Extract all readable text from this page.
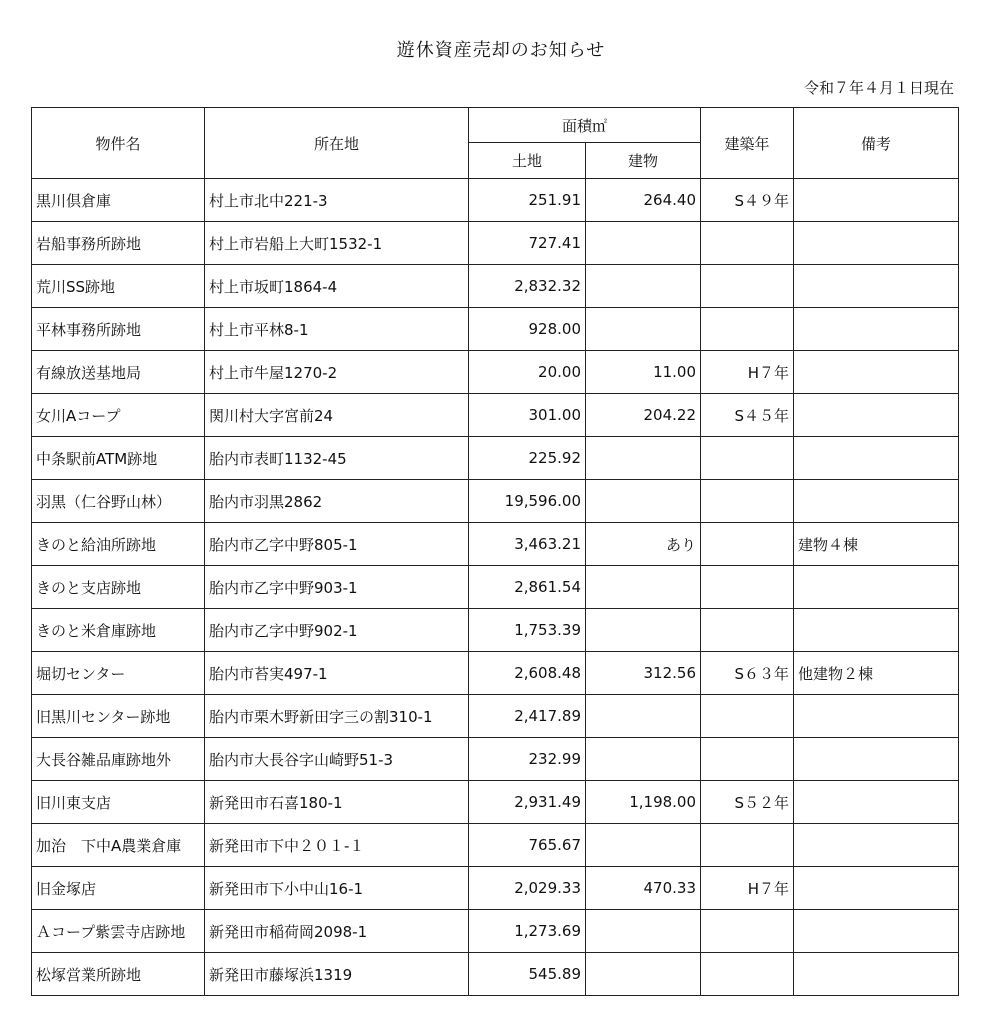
遊休資産売却のお知らせ
令和７年４月１日現在
物件名	所在地	面積㎡		建築年	備考
		土地	建物		
黒川倶倉庫	村上市北中221-3	251.91	264.40	S４９年	
岩船事務所跡地	村上市岩船上大町1532-1	727.41			
荒川SS跡地	村上市坂町1864-4	2,832.32			
平林事務所跡地	村上市平林8-1	928.00			
有線放送基地局	村上市牛屋1270-2	20.00	11.00	H７年	
女川Aコープ	関川村大字宮前24	301.00	204.22	S４５年	
中条駅前ATM跡地	胎内市表町1132-45	225.92			
羽黒（仁谷野山林）	胎内市羽黒2862	19,596.00			
きのと給油所跡地	胎内市乙字中野805-1	3,463.21	あり		建物４棟
きのと支店跡地	胎内市乙字中野903-1	2,861.54			
きのと米倉庫跡地	胎内市乙字中野902-1	1,753.39			
堀切センター	胎内市苔実497-1	2,608.48	312.56	S６３年	他建物２棟
旧黒川センター跡地	胎内市栗木野新田字三の割310-1	2,417.89			
大長谷雑品庫跡地外	胎内市大長谷字山崎野51-3	232.99			
旧川東支店	新発田市石喜180-1	2,931.49	1,198.00	S５２年	
加治　下中A農業倉庫	新発田市下中２０１-１	765.67			
旧金塚店	新発田市下小中山16-1	2,029.33	470.33	H７年	
Ａコープ紫雲寺店跡地	新発田市稲荷岡2098-1	1,273.69			
松塚営業所跡地	新発田市藤塚浜1319	545.89			
